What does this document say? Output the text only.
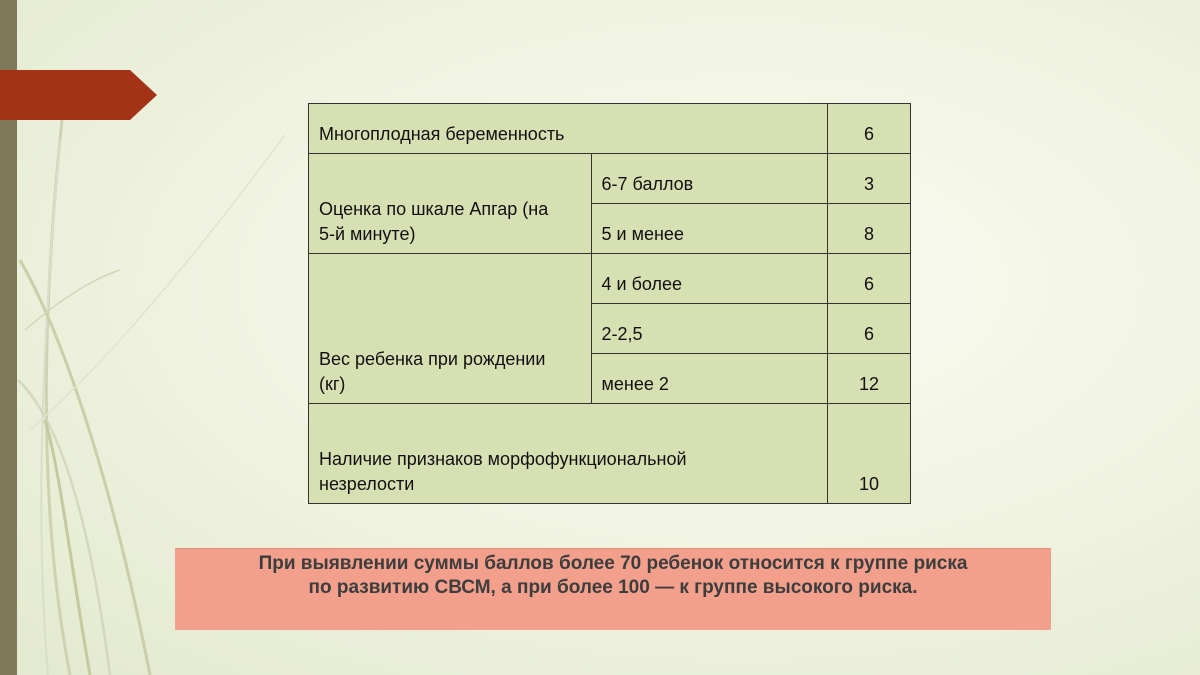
Многоплодная беременность		6
Оценка по шкале Апгар (на
5-й минуте)	6-7 баллов	3
	5 и менее	8
Вес ребенка при рождении
(кг)	4 и более	6
	2-2,5	6
	менее 2	12
Наличие признаков морфофункциональной
незрелости		10
При выявлении суммы баллов более 70 ребенок относится к группе риска
по развитию СВСМ, а при более 100 — к группе высокого риска.
